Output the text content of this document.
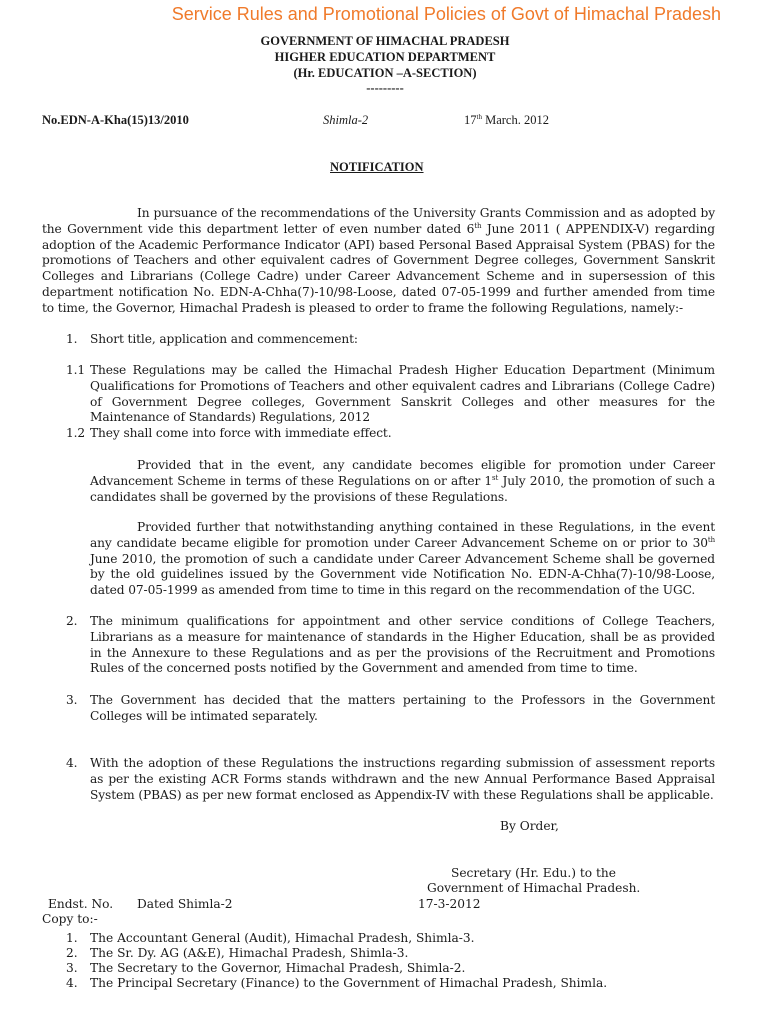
Service Rules and Promotional Policies of Govt of Himachal Pradesh
GOVERNMENT OF HIMACHAL PRADESH
HIGHER EDUCATION DEPARTMENT
(Hr. EDUCATION –A-SECTION)
---------
No.EDN-A-Kha(15)13/2010	Shimla-2	17th March. 2012
NOTIFICATION
In pursuance of the recommendations of the University Grants Commission and as adopted by the Government vide this department letter of even number dated 6th June 2011 ( APPENDIX-V) regarding adoption of the Academic Performance Indicator (API) based Personal Based Appraisal System (PBAS) for the promotions of Teachers and other equivalent cadres of Government Degree colleges, Government Sanskrit Colleges and Librarians (College Cadre) under Career Advancement Scheme and in supersession of this department notification No. EDN-A-Chha(7)-10/98-Loose, dated 07-05-1999 and further amended from time to time, the Governor, Himachal Pradesh is pleased to order to frame the following Regulations, namely:-
1. Short title, application and commencement:
1.1 These Regulations may be called the Himachal Pradesh Higher Education Department (Minimum Qualifications for Promotions of Teachers and other equivalent cadres and Librarians (College Cadre) of Government Degree colleges, Government Sanskrit Colleges and other measures for the Maintenance of Standards) Regulations, 2012
1.2 They shall come into force with immediate effect.
Provided that in the event, any candidate becomes eligible for promotion under Career Advancement Scheme in terms of these Regulations on or after 1st July 2010, the promotion of such a candidates shall be governed by the provisions of these Regulations.
Provided further that notwithstanding anything contained in these Regulations, in the event any candidate became eligible for promotion under Career Advancement Scheme on or prior to 30th June 2010, the promotion of such a candidate under Career Advancement Scheme shall be governed by the old guidelines issued by the Government vide Notification No. EDN-A-Chha(7)-10/98-Loose, dated 07-05-1999 as amended from time to time in this regard on the recommendation of the UGC.
2. The minimum qualifications for appointment and other service conditions of College Teachers, Librarians as a measure for maintenance of standards in the Higher Education, shall be as provided in the Annexure to these Regulations and as per the provisions of the Recruitment and Promotions Rules of the concerned posts notified by the Government and amended from time to time.
3. The Government has decided that the matters pertaining to the Professors in the Government Colleges will be intimated separately.
4. With the adoption of these Regulations the instructions regarding submission of assessment reports as per the existing ACR Forms stands withdrawn and the new Annual Performance Based Appraisal System (PBAS) as per new format enclosed as Appendix-IV with these Regulations shall be applicable.
By Order,
Secretary (Hr. Edu.) to the
Government of Himachal Pradesh.
Endst. No. Dated Shimla-2	17-3-2012
Copy to:-
1. The Accountant General (Audit), Himachal Pradesh, Shimla-3.
2. The Sr. Dy. AG (A&E), Himachal Pradesh, Shimla-3.
3. The Secretary to the Governor, Himachal Pradesh, Shimla-2.
4. The Principal Secretary (Finance) to the Government of Himachal Pradesh, Shimla.
